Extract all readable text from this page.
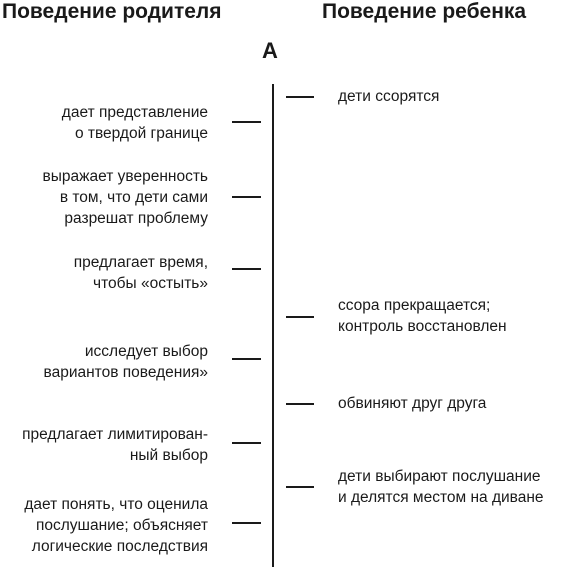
Поведение родителя	Поведение ребенка
А
дает представление
о твердой границе
выражает уверенность
в том, что дети сами
разрешат проблему
предлагает время,
чтобы «остыть»
исследует выбор
вариантов поведения»
предлагает лимитирован-
ный выбор
дает понять, что оценила
послушание; объясняет
логические последствия
дети ссорятся
ссора прекращается;
контроль восстановлен
обвиняют друг друга
дети выбирают послушание
и делятся местом на диване
